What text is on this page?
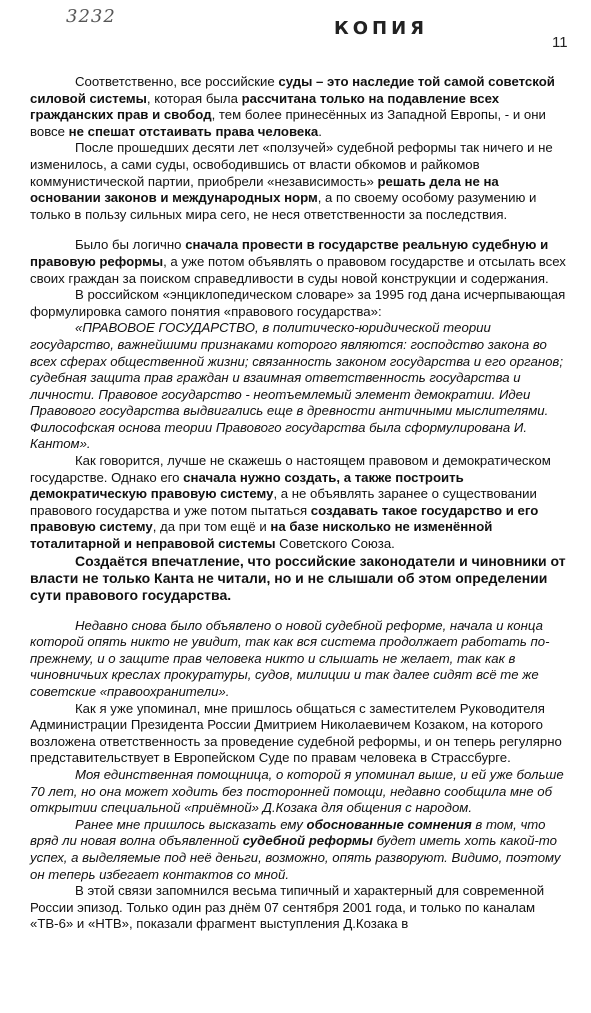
3232
КОПИЯ
11

Соответственно, все российские суды – это наследие той самой советской силовой системы, которая была рассчитана только на подавление всех гражданских прав и свобод, тем более принесённых из Западной Европы, - и они вовсе не спешат отстаивать права человека.

После прошедших десяти лет «ползучей» судебной реформы так ничего и не изменилось, а сами суды, освободившись от власти обкомов и райкомов коммунистической партии, приобрели «независимость» решать дела не на основании законов и международных норм, а по своему особому разумению и только в пользу сильных мира сего, не неся ответственности за последствия.

Было бы логично сначала провести в государстве реальную судебную и правовую реформы, а уже потом объявлять о правовом государстве и отсылать всех своих граждан за поиском справедливости в суды новой конструкции и содержания.

В российском «энциклопедическом словаре» за 1995 год дана исчерпывающая формулировка самого понятия «правового государства»:

«ПРАВОВОЕ ГОСУДАРСТВО, в политическо-юридической теории государство, важнейшими признаками которого являются: господство закона во всех сферах общественной жизни; связанность законом государства и его органов; судебная защита прав граждан и взаимная ответственность государства и личности. Правовое государство - неотъемлемый элемент демократии. Идеи Правового государства выдвигались еще в древности античными мыслителями. Философская основа теории Правового государства была сформулирована И. Кантом».

Как говорится, лучше не скажешь о настоящем правовом и демократическом государстве. Однако его сначала нужно создать, а также построить демократическую правовую систему, а не объявлять заранее о существовании правового государства и уже потом пытаться создавать такое государство и его правовую систему, да при том ещё и на базе нисколько не изменённой тоталитарной и неправовой системы Советского Союза.

Создаётся впечатление, что российские законодатели и чиновники от власти не только Канта не читали, но и не слышали об этом определении сути правового государства.

Недавно снова было объявлено о новой судебной реформе, начала и конца которой опять никто не увидит, так как вся система продолжает работать по-прежнему, и о защите прав человека никто и слышать не желает, так как в чиновничьих креслах прокуратуры, судов, милиции и так далее сидят всё те же советские «правоохранители».

Как я уже упоминал, мне пришлось общаться с заместителем Руководителя Администрации Президента России Дмитрием Николаевичем Козаком, на которого возложена ответственность за проведение судебной реформы, и он теперь регулярно представительствует в Европейском Суде по правам человека в Страссбурге.

Моя единственная помощница, о которой я упоминал выше, и ей уже больше 70 лет, но она может ходить без посторонней помощи, недавно сообщила мне об открытии специальной «приёмной» Д.Козака для общения с народом.

Ранее мне пришлось высказать ему обоснованные сомнения в том, что вряд ли новая волна объявленной судебной реформы будет иметь хоть какой-то успех, а выделяемые под неё деньги, возможно, опять разворуют. Видимо, поэтому он теперь избегает контактов со мной.

В этой связи запомнился весьма типичный и характерный для современной России эпизод. Только один раз днём 07 сентября 2001 года, и только по каналам «ТВ-6» и «НТВ», показали фрагмент выступления Д.Козака в
